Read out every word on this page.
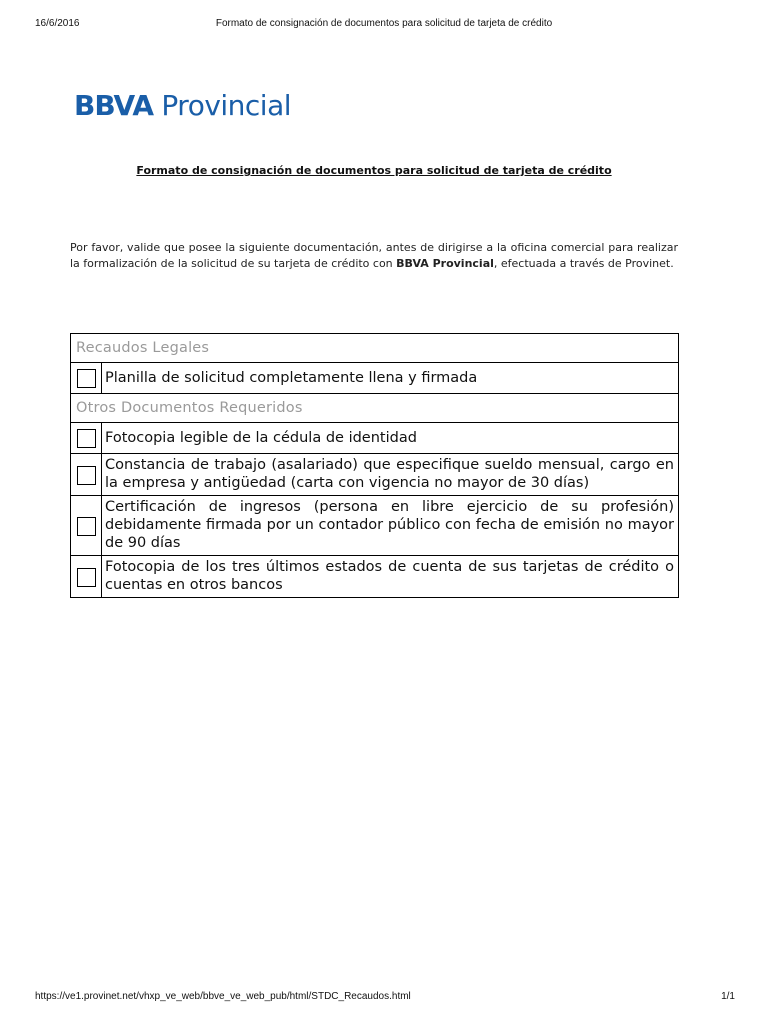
16/6/2016	Formato de consignación de documentos para solicitud de tarjeta de crédito
BBVA Provincial
Formato de consignación de documentos para solicitud de tarjeta de crédito
Por favor, valide que posee la siguiente documentación, antes de dirigirse a la oficina comercial para realizar la formalización de la solicitud de su tarjeta de crédito con BBVA Provincial, efectuada a través de Provinet.
Recaudos Legales	
	Planilla de solicitud completamente llena y firmada
Otros Documentos Requeridos	
	Fotocopia legible de la cédula de identidad
	Constancia de trabajo (asalariado) que especifique sueldo mensual, cargo en la empresa y antigüedad (carta con vigencia no mayor de 30 días)
	Certificación de ingresos (persona en libre ejercicio de su profesión) debidamente firmada por un contador público con fecha de emisión no mayor de 90 días
	Fotocopia de los tres últimos estados de cuenta de sus tarjetas de crédito o cuentas en otros bancos
https://ve1.provinet.net/vhxp_ve_web/bbve_ve_web_pub/html/STDC_Recaudos.html	1/1
